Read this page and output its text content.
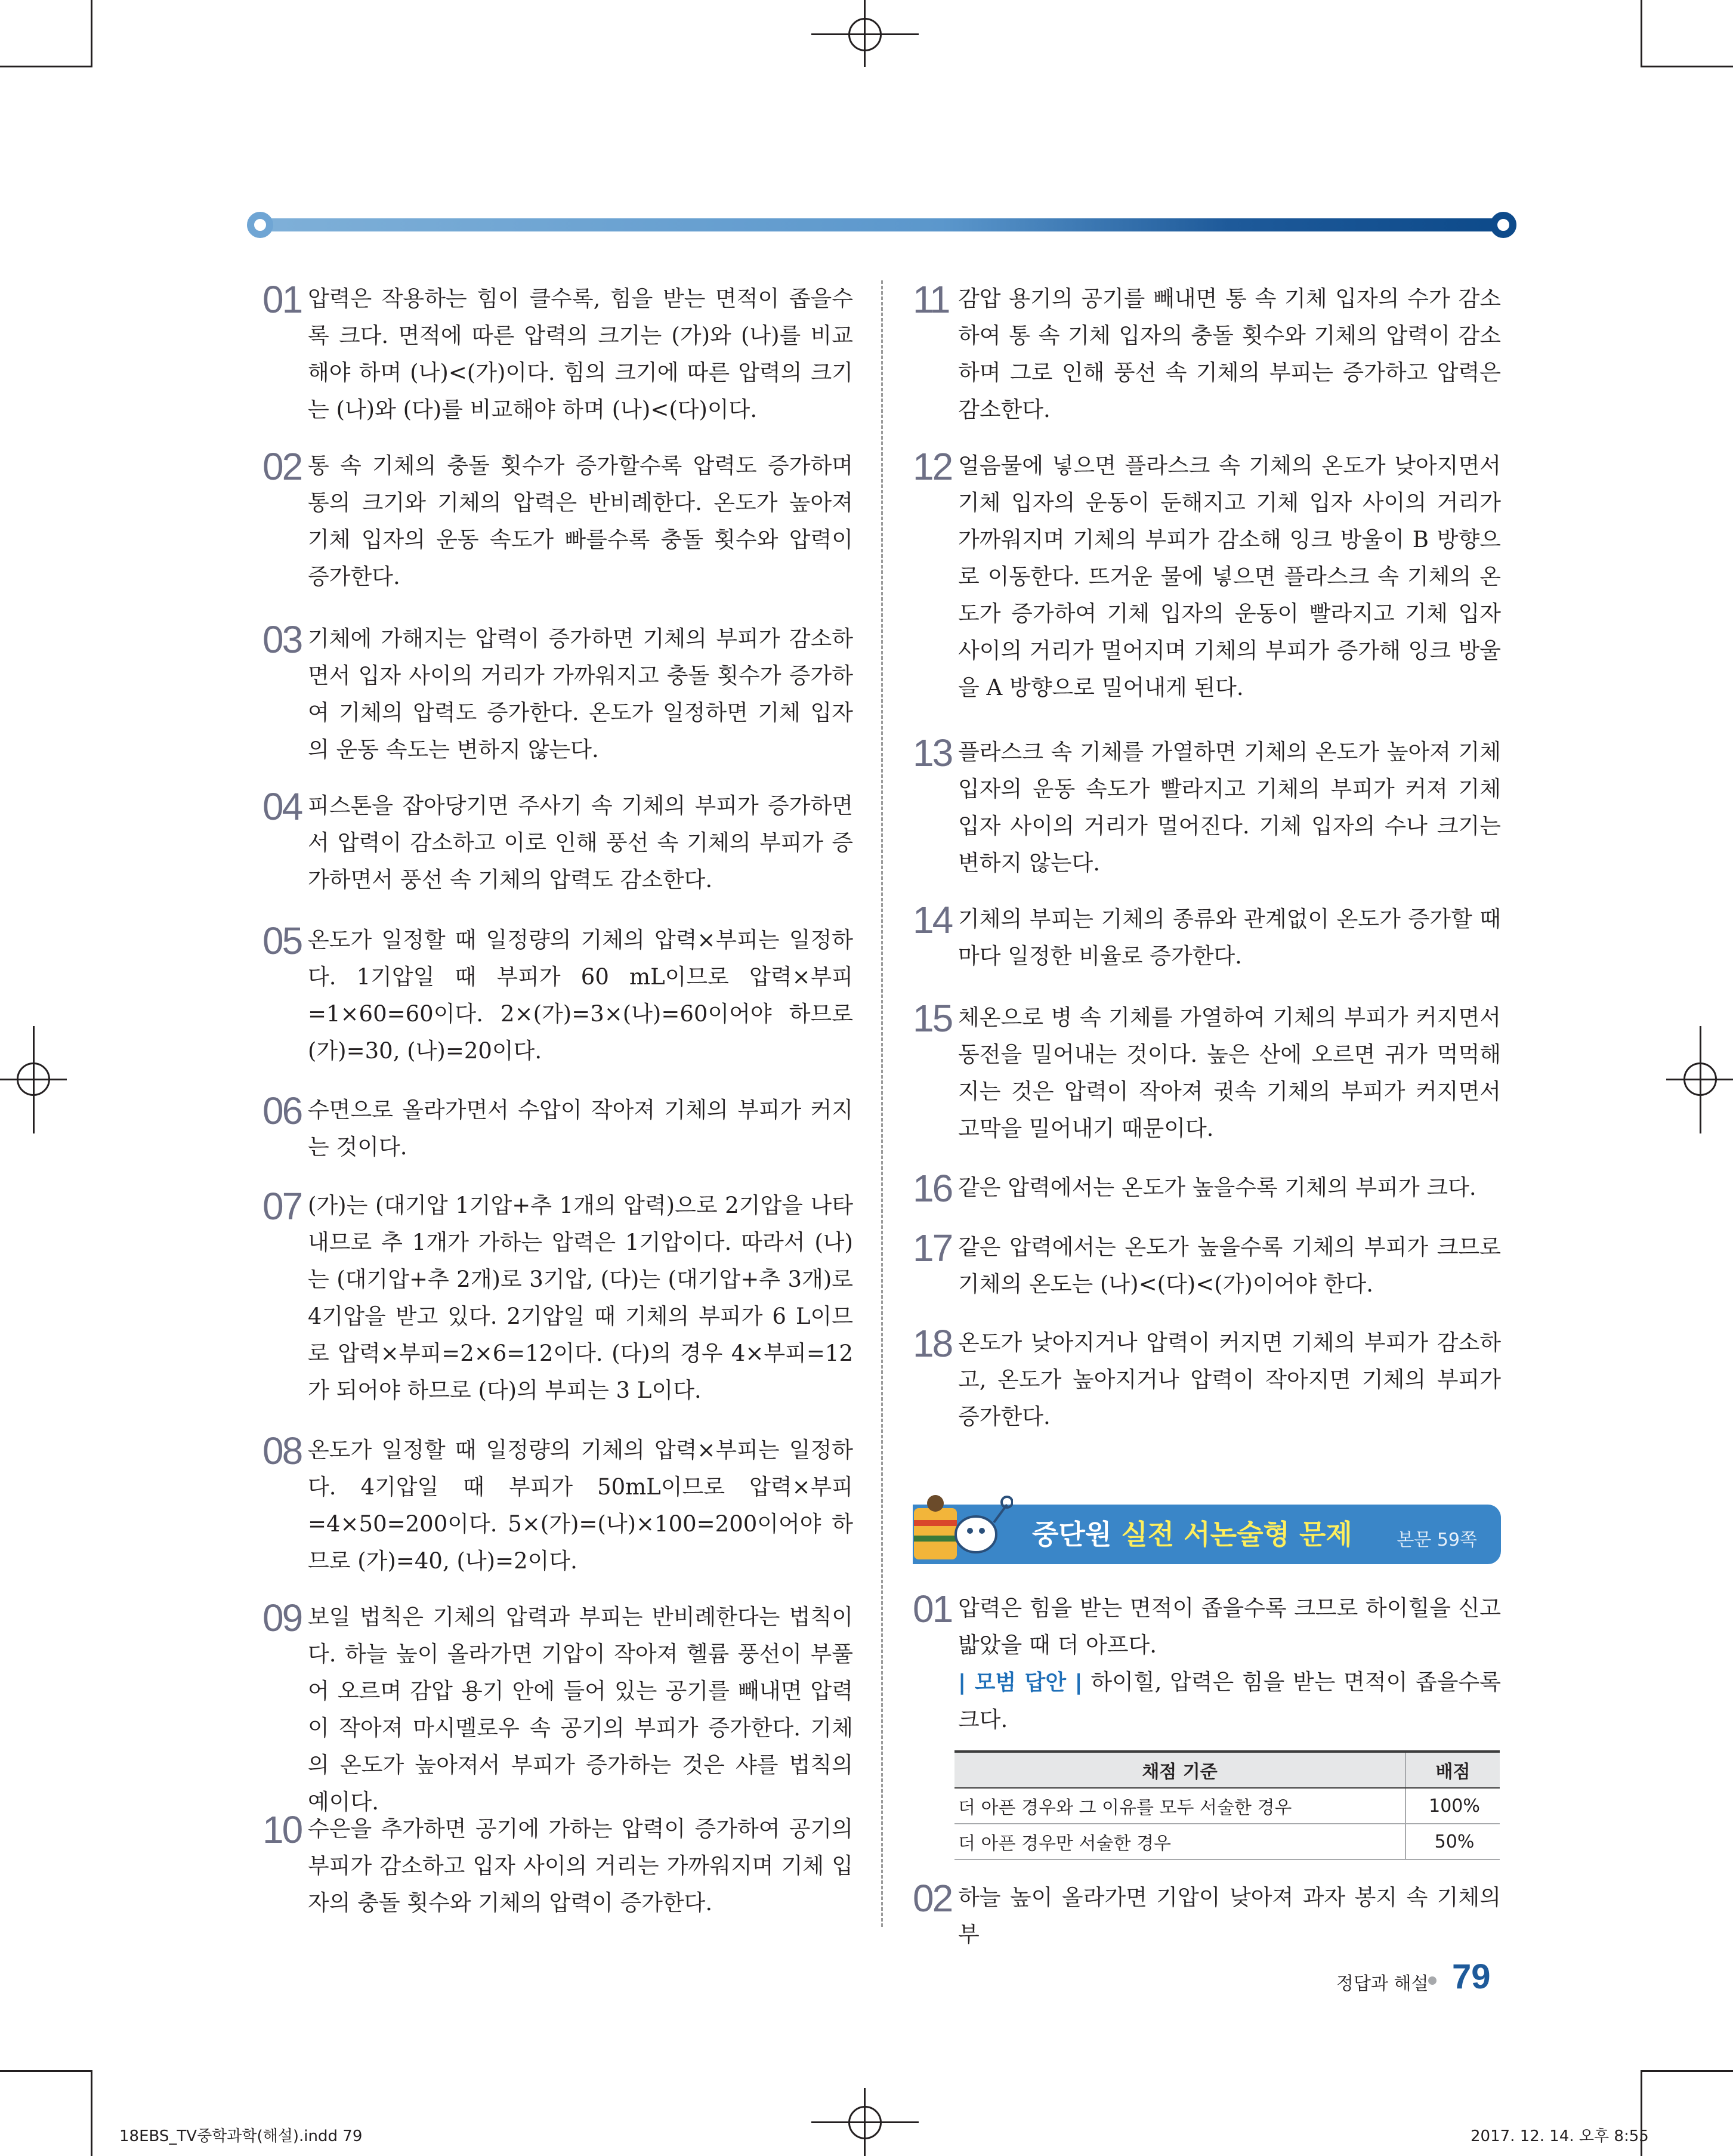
01 압력은 작용하는 힘이 클수록, 힘을 받는 면적이 좁을수록 크다. 면적에 따른 압력의 크기는 (가)와 (나)를 비교해야 하며 (나)<(가)이다. 힘의 크기에 따른 압력의 크기는 (나)와 (다)를 비교해야 하며 (나)<(다)이다.
02 통 속 기체의 충돌 횟수가 증가할수록 압력도 증가하며 통의 크기와 기체의 압력은 반비례한다. 온도가 높아져 기체 입자의 운동 속도가 빠를수록 충돌 횟수와 압력이 증가한다.
03 기체에 가해지는 압력이 증가하면 기체의 부피가 감소하면서 입자 사이의 거리가 가까워지고 충돌 횟수가 증가하여 기체의 압력도 증가한다. 온도가 일정하면 기체 입자의 운동 속도는 변하지 않는다.
04 피스톤을 잡아당기면 주사기 속 기체의 부피가 증가하면서 압력이 감소하고 이로 인해 풍선 속 기체의 부피가 증가하면서 풍선 속 기체의 압력도 감소한다.
05 온도가 일정할 때 일정량의 기체의 압력×부피는 일정하다. 1기압일 때 부피가 60 mL이므로 압력×부피=1×60=60이다. 2×(가)=3×(나)=60이어야 하므로 (가)=30, (나)=20이다.
06 수면으로 올라가면서 수압이 작아져 기체의 부피가 커지는 것이다.
07 (가)는 (대기압 1기압+추 1개의 압력)으로 2기압을 나타내므로 추 1개가 가하는 압력은 1기압이다. 따라서 (나)는 (대기압+추 2개)로 3기압, (다)는 (대기압+추 3개)로 4기압을 받고 있다. 2기압일 때 기체의 부피가 6 L이므로 압력×부피=2×6=12이다. (다)의 경우 4×부피=12가 되어야 하므로 (다)의 부피는 3 L이다.
08 온도가 일정할 때 일정량의 기체의 압력×부피는 일정하다. 4기압일 때 부피가 50mL이므로 압력×부피=4×50=200이다. 5×(가)=(나)×100=200이어야 하므로 (가)=40, (나)=2이다.
09 보일 법칙은 기체의 압력과 부피는 반비례한다는 법칙이다. 하늘 높이 올라가면 기압이 작아져 헬륨 풍선이 부풀어 오르며 감압 용기 안에 들어 있는 공기를 빼내면 압력이 작아져 마시멜로우 속 공기의 부피가 증가한다. 기체의 온도가 높아져서 부피가 증가하는 것은 샤를 법칙의 예이다.
10 수은을 추가하면 공기에 가하는 압력이 증가하여 공기의 부피가 감소하고 입자 사이의 거리는 가까워지며 기체 입자의 충돌 횟수와 기체의 압력이 증가한다.
11 감압 용기의 공기를 빼내면 통 속 기체 입자의 수가 감소하여 통 속 기체 입자의 충돌 횟수와 기체의 압력이 감소하며 그로 인해 풍선 속 기체의 부피는 증가하고 압력은 감소한다.
12 얼음물에 넣으면 플라스크 속 기체의 온도가 낮아지면서 기체 입자의 운동이 둔해지고 기체 입자 사이의 거리가 가까워지며 기체의 부피가 감소해 잉크 방울이 B 방향으로 이동한다. 뜨거운 물에 넣으면 플라스크 속 기체의 온도가 증가하여 기체 입자의 운동이 빨라지고 기체 입자 사이의 거리가 멀어지며 기체의 부피가 증가해 잉크 방울을 A 방향으로 밀어내게 된다.
13 플라스크 속 기체를 가열하면 기체의 온도가 높아져 기체 입자의 운동 속도가 빨라지고 기체의 부피가 커져 기체 입자 사이의 거리가 멀어진다. 기체 입자의 수나 크기는 변하지 않는다.
14 기체의 부피는 기체의 종류와 관계없이 온도가 증가할 때마다 일정한 비율로 증가한다.
15 체온으로 병 속 기체를 가열하여 기체의 부피가 커지면서 동전을 밀어내는 것이다. 높은 산에 오르면 귀가 먹먹해지는 것은 압력이 작아져 귓속 기체의 부피가 커지면서 고막을 밀어내기 때문이다.
16 같은 압력에서는 온도가 높을수록 기체의 부피가 크다.
17 같은 압력에서는 온도가 높을수록 기체의 부피가 크므로 기체의 온도는 (나)<(다)<(가)이어야 한다.
18 온도가 낮아지거나 압력이 커지면 기체의 부피가 감소하고, 온도가 높아지거나 압력이 작아지면 기체의 부피가 증가한다.
중단원 실전 서논술형 문제 본문 59쪽
01 압력은 힘을 받는 면적이 좁을수록 크므로 하이힐을 신고 밟았을 때 더 아프다.
| 모범 답안 | 하이힐, 압력은 힘을 받는 면적이 좁을수록 크다.
채점 기준	배점
더 아픈 경우와 그 이유를 모두 서술한 경우	100%
더 아픈 경우만 서술한 경우	50%
02 하늘 높이 올라가면 기압이 낮아져 과자 봉지 속 기체의 부
정답과 해설 79
18EBS_TV중학과학(해설).indd 79	2017. 12. 14. 오후 8:55
